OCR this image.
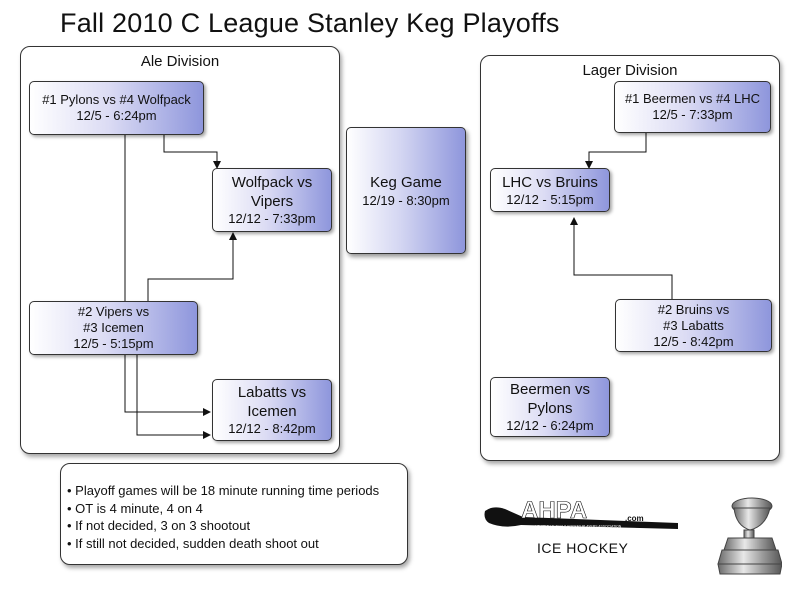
Fall 2010 C League Stanley Keg Playoffs
Ale Division
Lager Division
#1 Pylons vs #4 Wolfpack
12/5 - 6:24pm
Wolfpack vs
Vipers
12/12 - 7:33pm
#2 Vipers vs
#3 Icemen
12/5 - 5:15pm
Labatts vs
Icemen
12/12 - 8:42pm
Keg Game
12/19 - 8:30pm
#1 Beermen vs #4 LHC
12/5 - 7:33pm
LHC vs Bruins
12/12 - 5:15pm
#2 Bruins vs
#3 Labatts
12/5 - 8:42pm
Beermen vs
Pylons
12/12 - 6:24pm
• Playoff games will be 18 minute running time periods
• OT is 4 minute, 4 on 4
• If not decided, 3 on 3 shootout
• If still not decided, sudden death shoot out
AHPA	.com
LOUISVILLE ADULT HOCKEY PLAYERS ASSOCIATION
ICE HOCKEY
